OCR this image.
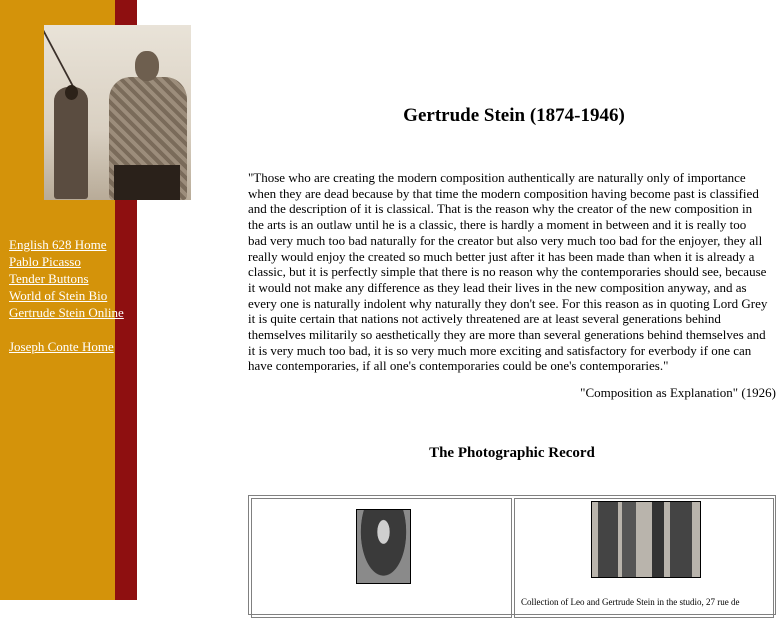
English 628 Home
Pablo Picasso
Tender Buttons
World of Stein Bio
Gertrude Stein Online
Joseph Conte Home
Gertrude Stein (1874-1946)

"Those who are creating the modern composition authentically are naturally only of importance when they are dead because by that time the modern composition having become past is classified and the description of it is classical. That is the reason why the creator of the new composition in the arts is an outlaw until he is a classic, there is hardly a moment in between and it is really too bad very much too bad naturally for the creator but also very much too bad for the enjoyer, they all really would enjoy the created so much better just after it has been made than when it is already a classic, but it is perfectly simple that there is no reason why the contemporaries should see, because it would not make any difference as they lead their lives in the new composition anyway, and as every one is naturally indolent why naturally they don't see. For this reason as in quoting Lord Grey it is quite certain that nations not actively threatened are at least several generations behind themselves militarily so aesthetically they are more than several generations behind themselves and it is very much too bad, it is so very much more exciting and satisfactory for everbody if one can have contemporaries, if all one's contemporaries could be one's contemporaries."

"Composition as Explanation" (1926)

The Photographic Record

Collection of Leo and Gertrude Stein in the studio, 27 rue de
